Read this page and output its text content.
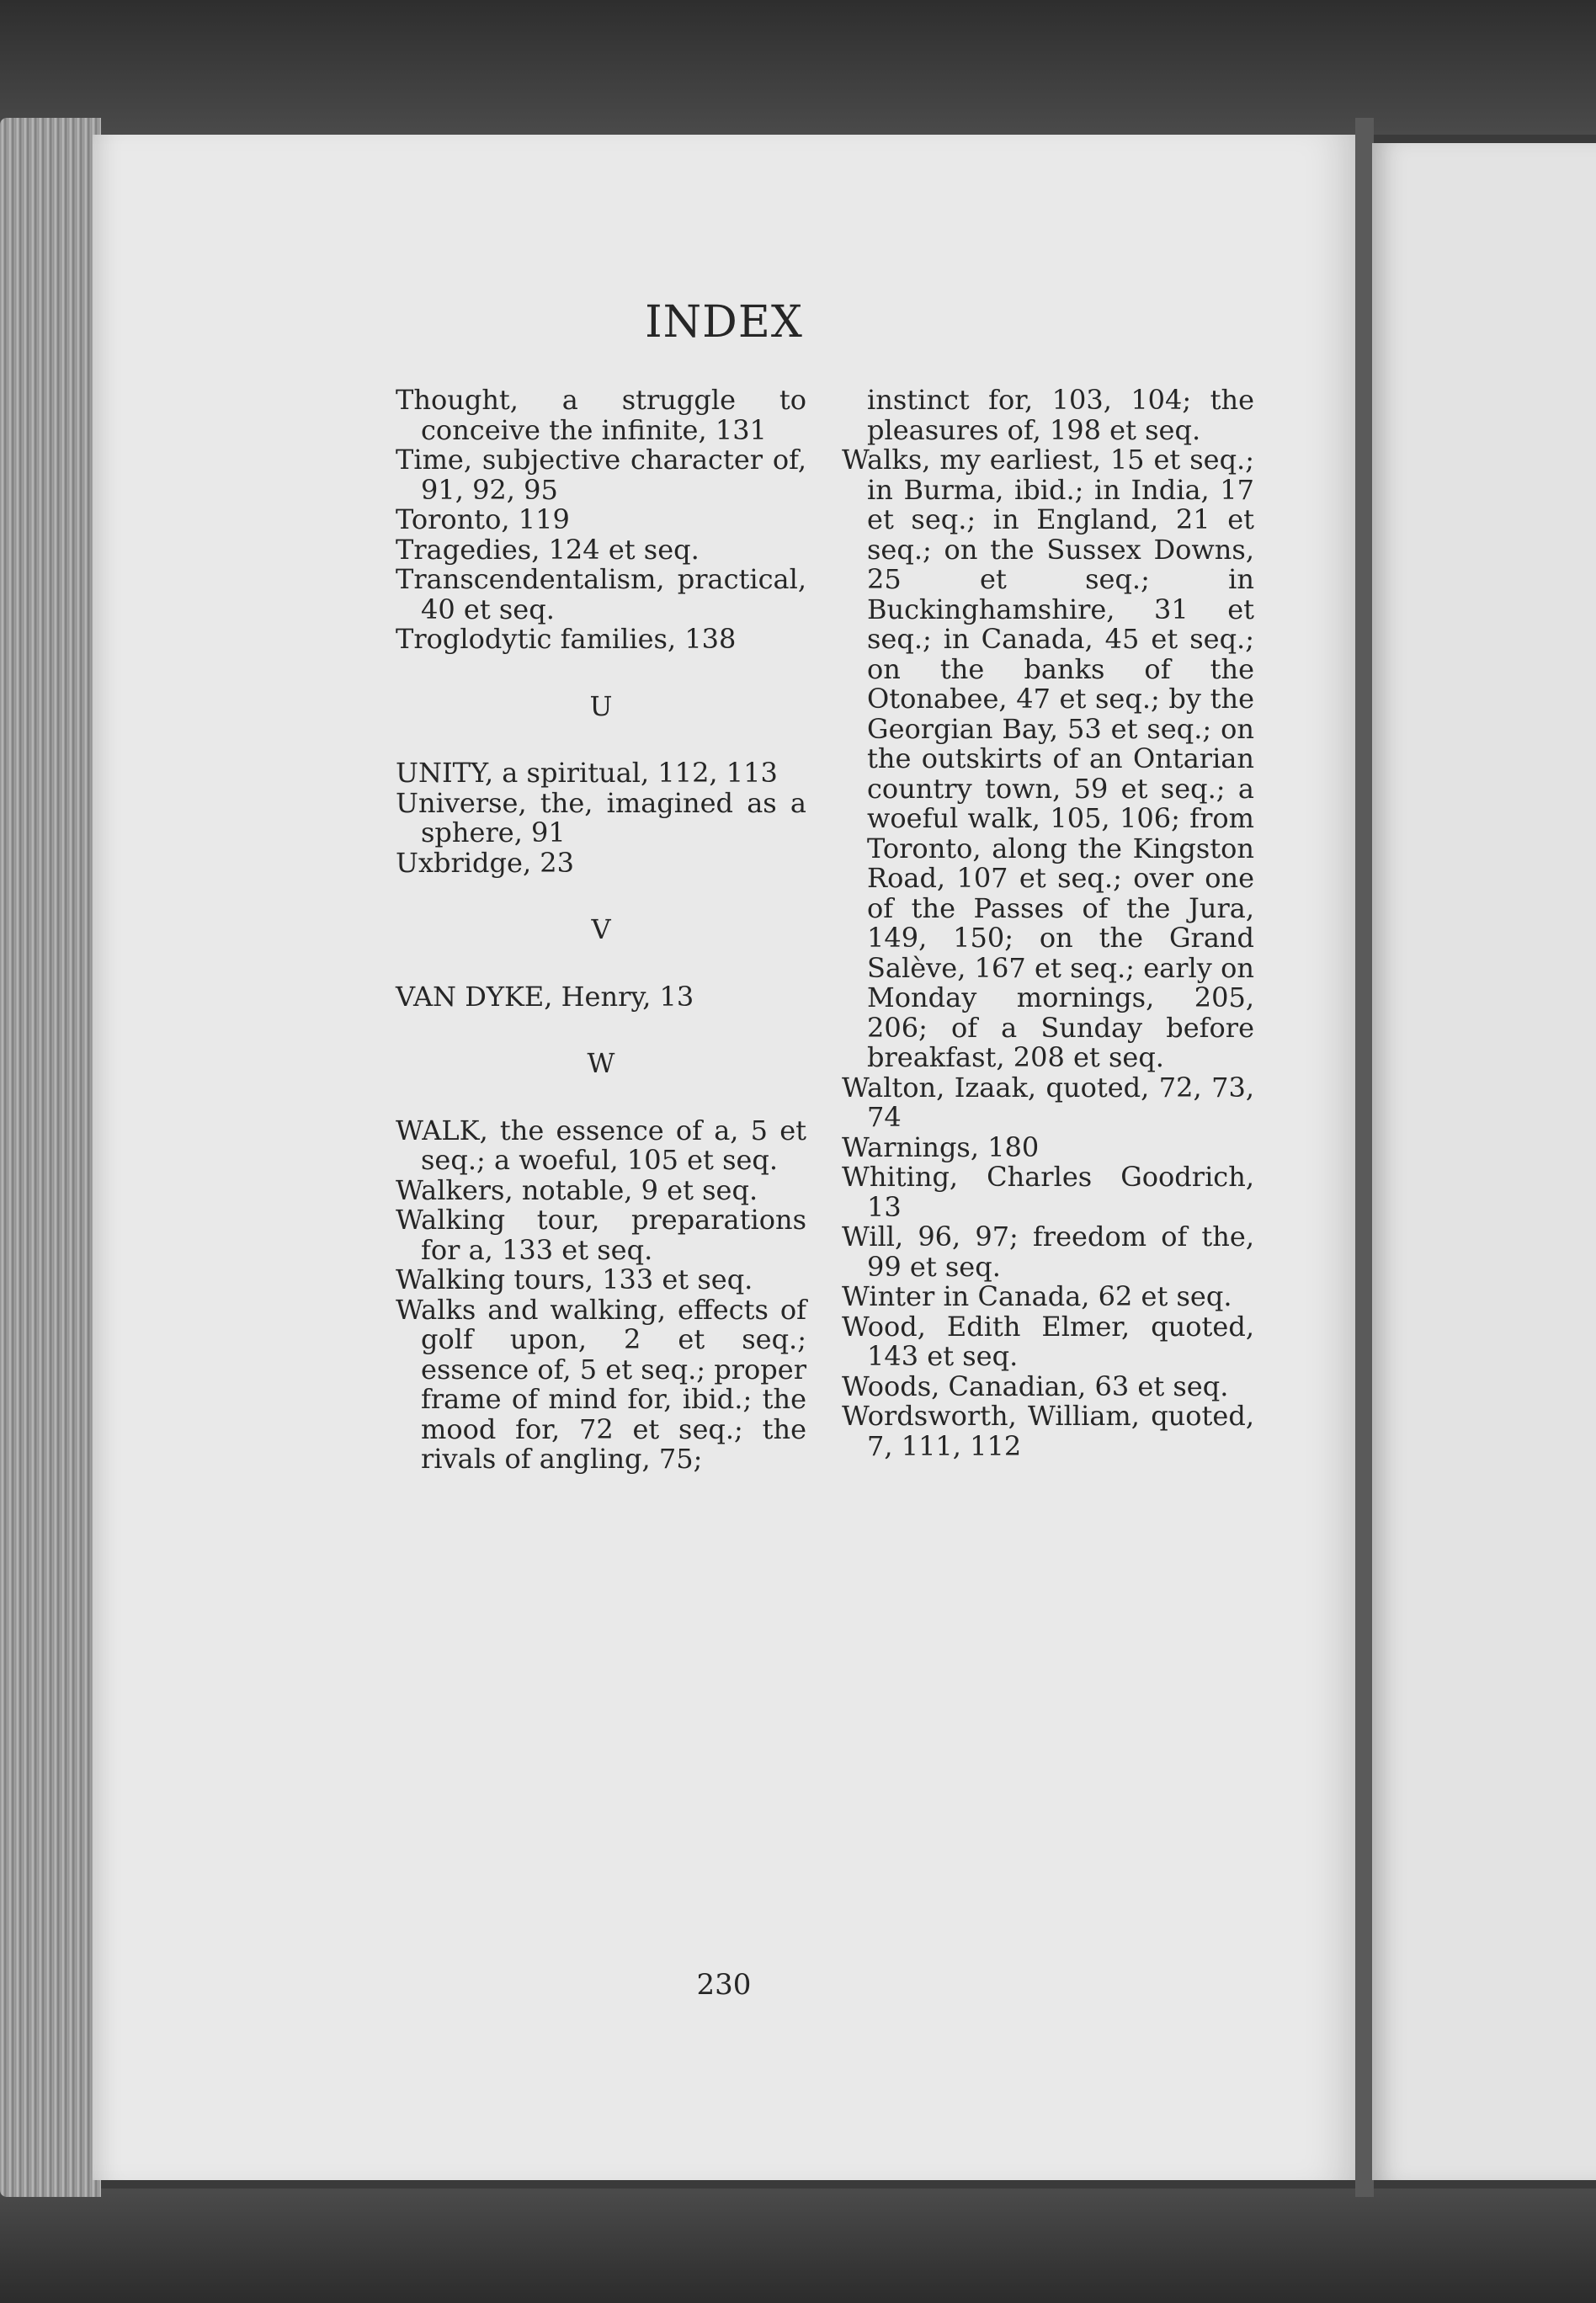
INDEX

Thought, a struggle to conceive the infinite, 131

Time, subjective character of, 91, 92, 95

Toronto, 119

Tragedies, 124 et seq.

Transcendentalism, practical, 40 et seq.

Troglodytic families, 138

U

UNITY, a spiritual, 112, 113

Universe, the, imagined as a sphere, 91

Uxbridge, 23

V

VAN DYKE, Henry, 13

W

WALK, the essence of a, 5 et seq.; a woeful, 105 et seq.

Walkers, notable, 9 et seq.

Walking tour, preparations for a, 133 et seq.

Walking tours, 133 et seq.

Walks and walking, effects of golf upon, 2 et seq.; essence of, 5 et seq.; proper frame of mind for, ibid.; the mood for, 72 et seq.; the rivals of angling, 75;

instinct for, 103, 104; the pleasures of, 198 et seq.

Walks, my earliest, 15 et seq.; in Burma, ibid.; in India, 17 et seq.; in England, 21 et seq.; on the Sussex Downs, 25 et seq.; in Buckinghamshire, 31 et seq.; in Canada, 45 et seq.; on the banks of the Otonabee, 47 et seq.; by the Georgian Bay, 53 et seq.; on the outskirts of an Ontarian country town, 59 et seq.; a woeful walk, 105, 106; from Toronto, along the Kingston Road, 107 et seq.; over one of the Passes of the Jura, 149, 150; on the Grand Salève, 167 et seq.; early on Monday mornings, 205, 206; of a Sunday before breakfast, 208 et seq.

Walton, Izaak, quoted, 72, 73, 74

Warnings, 180

Whiting, Charles Goodrich, 13

Will, 96, 97; freedom of the, 99 et seq.

Winter in Canada, 62 et seq.

Wood, Edith Elmer, quoted, 143 et seq.

Woods, Canadian, 63 et seq.

Wordsworth, William, quoted, 7, 111, 112

230
